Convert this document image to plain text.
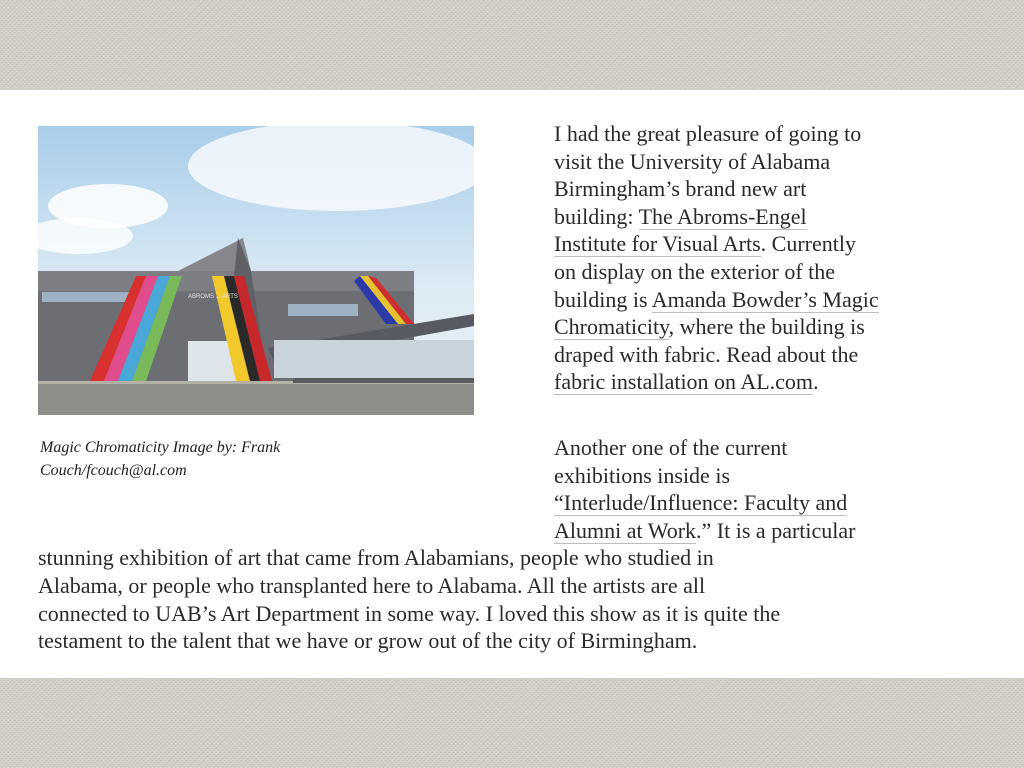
ABROMS ... ARTS
Magic Chromaticity Image by: Frank
Couch/fcouch@al.com
I had the great pleasure of going to
visit the University of Alabama
Birmingham’s brand new art
building: The Abroms-Engel
Institute for Visual Arts. Currently
on display on the exterior of the
building is Amanda Bowder’s Magic
Chromaticity, where the building is
draped with fabric. Read about the
fabric installation on AL.com.
Another one of the current
exhibitions inside is
“Interlude/Influence: Faculty and
Alumni at Work.” It is a particular
stunning exhibition of art that came from Alabamians, people who studied in
Alabama, or people who transplanted here to Alabama. All the artists are all
connected to UAB’s Art Department in some way. I loved this show as it is quite the
testament to the talent that we have or grow out of the city of Birmingham.
